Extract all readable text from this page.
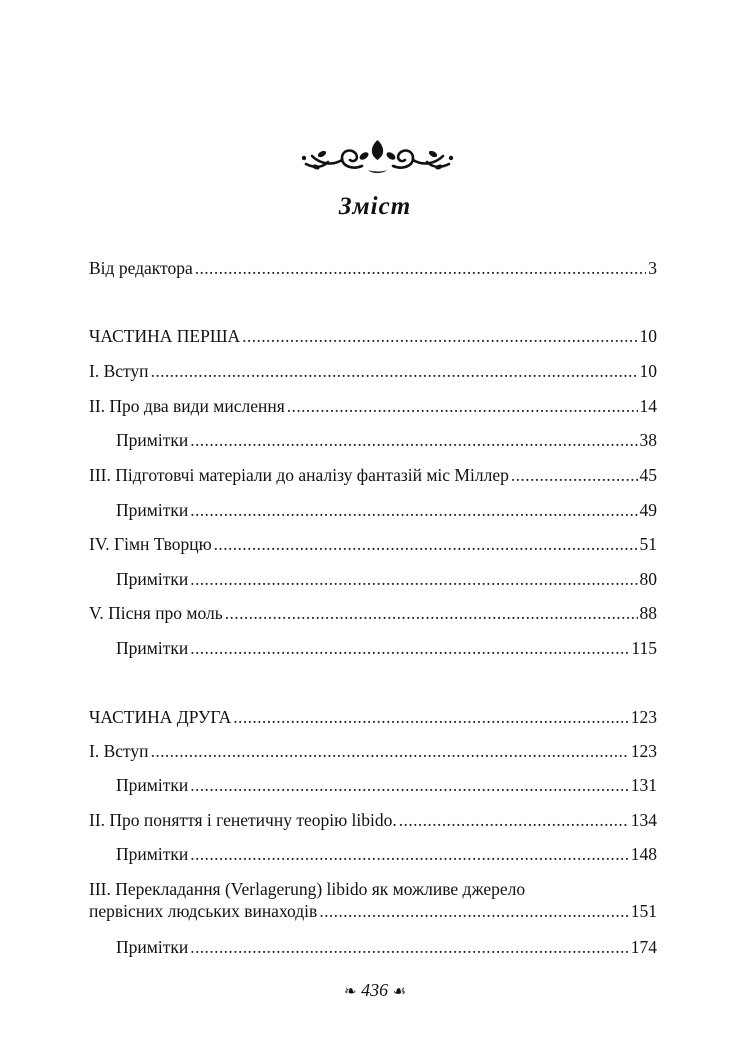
Зміст
Від редактора .....	3
ЧАСТИНА ПЕРША .....	10
І. Вступ .....	10
ІІ. Про два види мислення .....	14
Примітки .....	38
ІІІ. Підготовчі матеріали до аналізу фантазій міс Міллер .....	45
Примітки .....	49
IV. Гімн Творцю .....	51
Примітки .....	80
V. Пісня про моль .....	88
Примітки .....	115
ЧАСТИНА ДРУГА .....	123
І. Вступ .....	123
Примітки .....	131
ІІ. Про поняття і генетичну теорію libido. .....	134
Примітки .....	148
ІІІ. Перекладання (Verlagerung) libido як можливе джерело
первісних людських винаходів .....	151
Примітки .....	174
❧ 436 ☙
